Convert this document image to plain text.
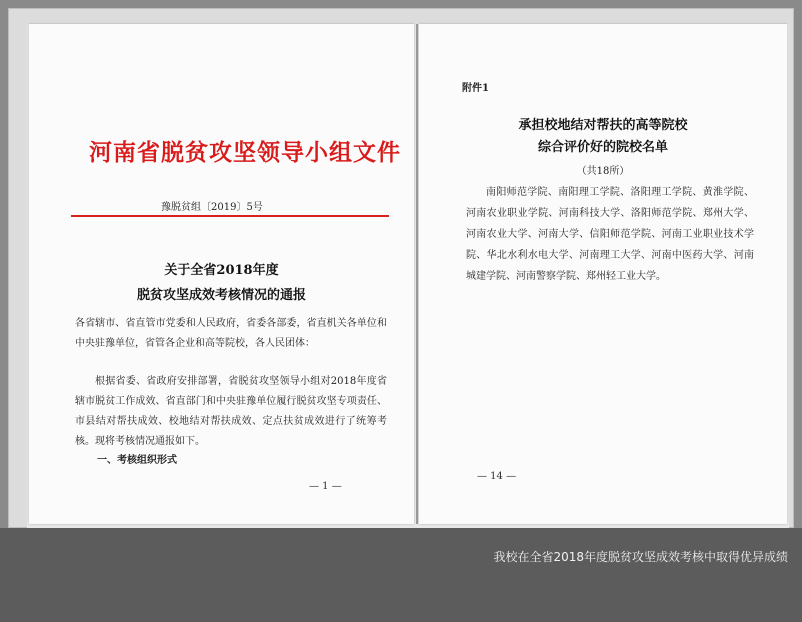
河南省脱贫攻坚领导小组文件
豫脱贫组〔2019〕5号
关于全省2018年度
脱贫攻坚成效考核情况的通报
各省辖市、省直管市党委和人民政府，省委各部委，省直机关各单位和中央驻豫单位，省管各企业和高等院校，各人民团体：
根据省委、省政府安排部署，省脱贫攻坚领导小组对2018年度省辖市脱贫工作成效、省直部门和中央驻豫单位履行脱贫攻坚专项责任、市县结对帮扶成效、校地结对帮扶成效、定点扶贫成效进行了统筹考核。现将考核情况通报如下。
一、考核组织形式
— 1 —
附件1
承担校地结对帮扶的高等院校
综合评价好的院校名单
（共18所）
南阳师范学院、南阳理工学院、洛阳理工学院、黄淮学院、河南农业职业学院、河南科技大学、洛阳师范学院、郑州大学、河南农业大学、河南大学、信阳师范学院、河南工业职业技术学院、华北水利水电大学、河南理工大学、河南中医药大学、河南城建学院、河南警察学院、郑州轻工业大学。
— 14 —
我校在全省2018年度脱贫攻坚成效考核中取得优异成绩
